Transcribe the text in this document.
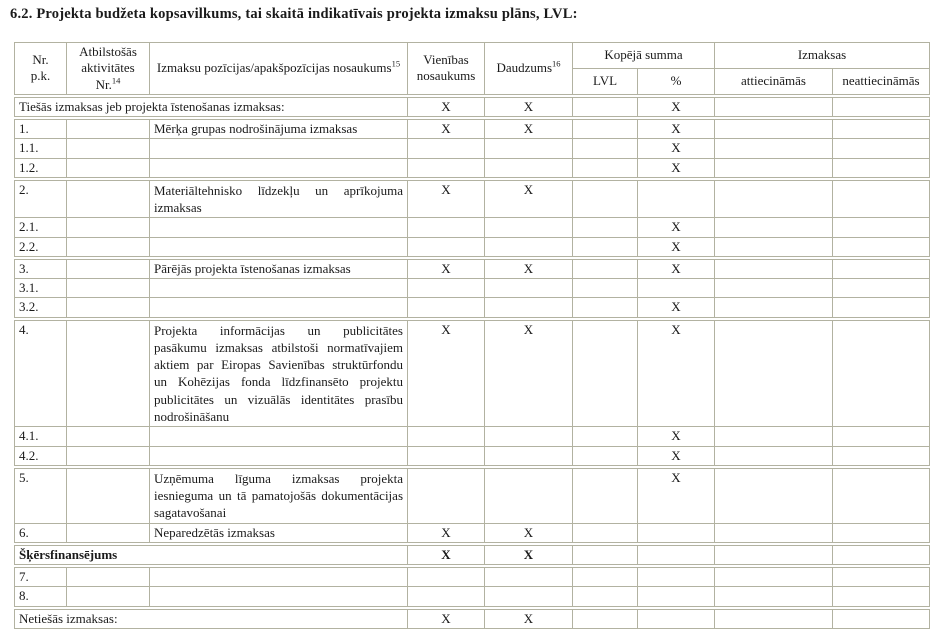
6.2. Projekta budžeta kopsavilkums, tai skaitā indikatīvais projekta izmaksu plāns, LVL:
Nr.
p.k.	Atbilstošās aktivitātes Nr.$^{14}$	Izmaksu pozīcijas/apakšpozīcijas nosaukums$^{15}$	Vienības nosaukums	Daudzums$^{16}$	Kopējā summa		Izmaksas	
					LVL	%	attiecināmās	neattiecināmās
Tiešās izmaksas jeb projekta īstenošanas izmaksas:			X	X		X		
1.		Mērķa grupas nodrošinājuma izmaksas	X	X		X		
1.1.						X		
1.2.						X		
2.		Materiāltehnisko līdzekļu un aprīkojuma izmaksas	X	X				
2.1.						X		
2.2.						X		
3.		Pārējās projekta īstenošanas izmaksas	X	X		X		
3.1.								
3.2.						X		
4.		Projekta informācijas un publicitātes pasākumu izmaksas atbilstoši normatīvajiem aktiem par Eiropas Savienības struktūrfondu un Kohēzijas fonda līdzfinansēto projektu publicitātes un vizuālās identitātes prasību nodrošināšanu	X	X		X		
4.1.						X		
4.2.						X		
5.		Uzņēmuma līguma izmaksas projekta iesnieguma un tā pamatojošās dokumentācijas sagatavošanai				X		
6.		Neparedzētās izmaksas	X	X				
Šķērsfinansējums			X	X				
7.								
8.								
Netiešās izmaksas:			X	X				
